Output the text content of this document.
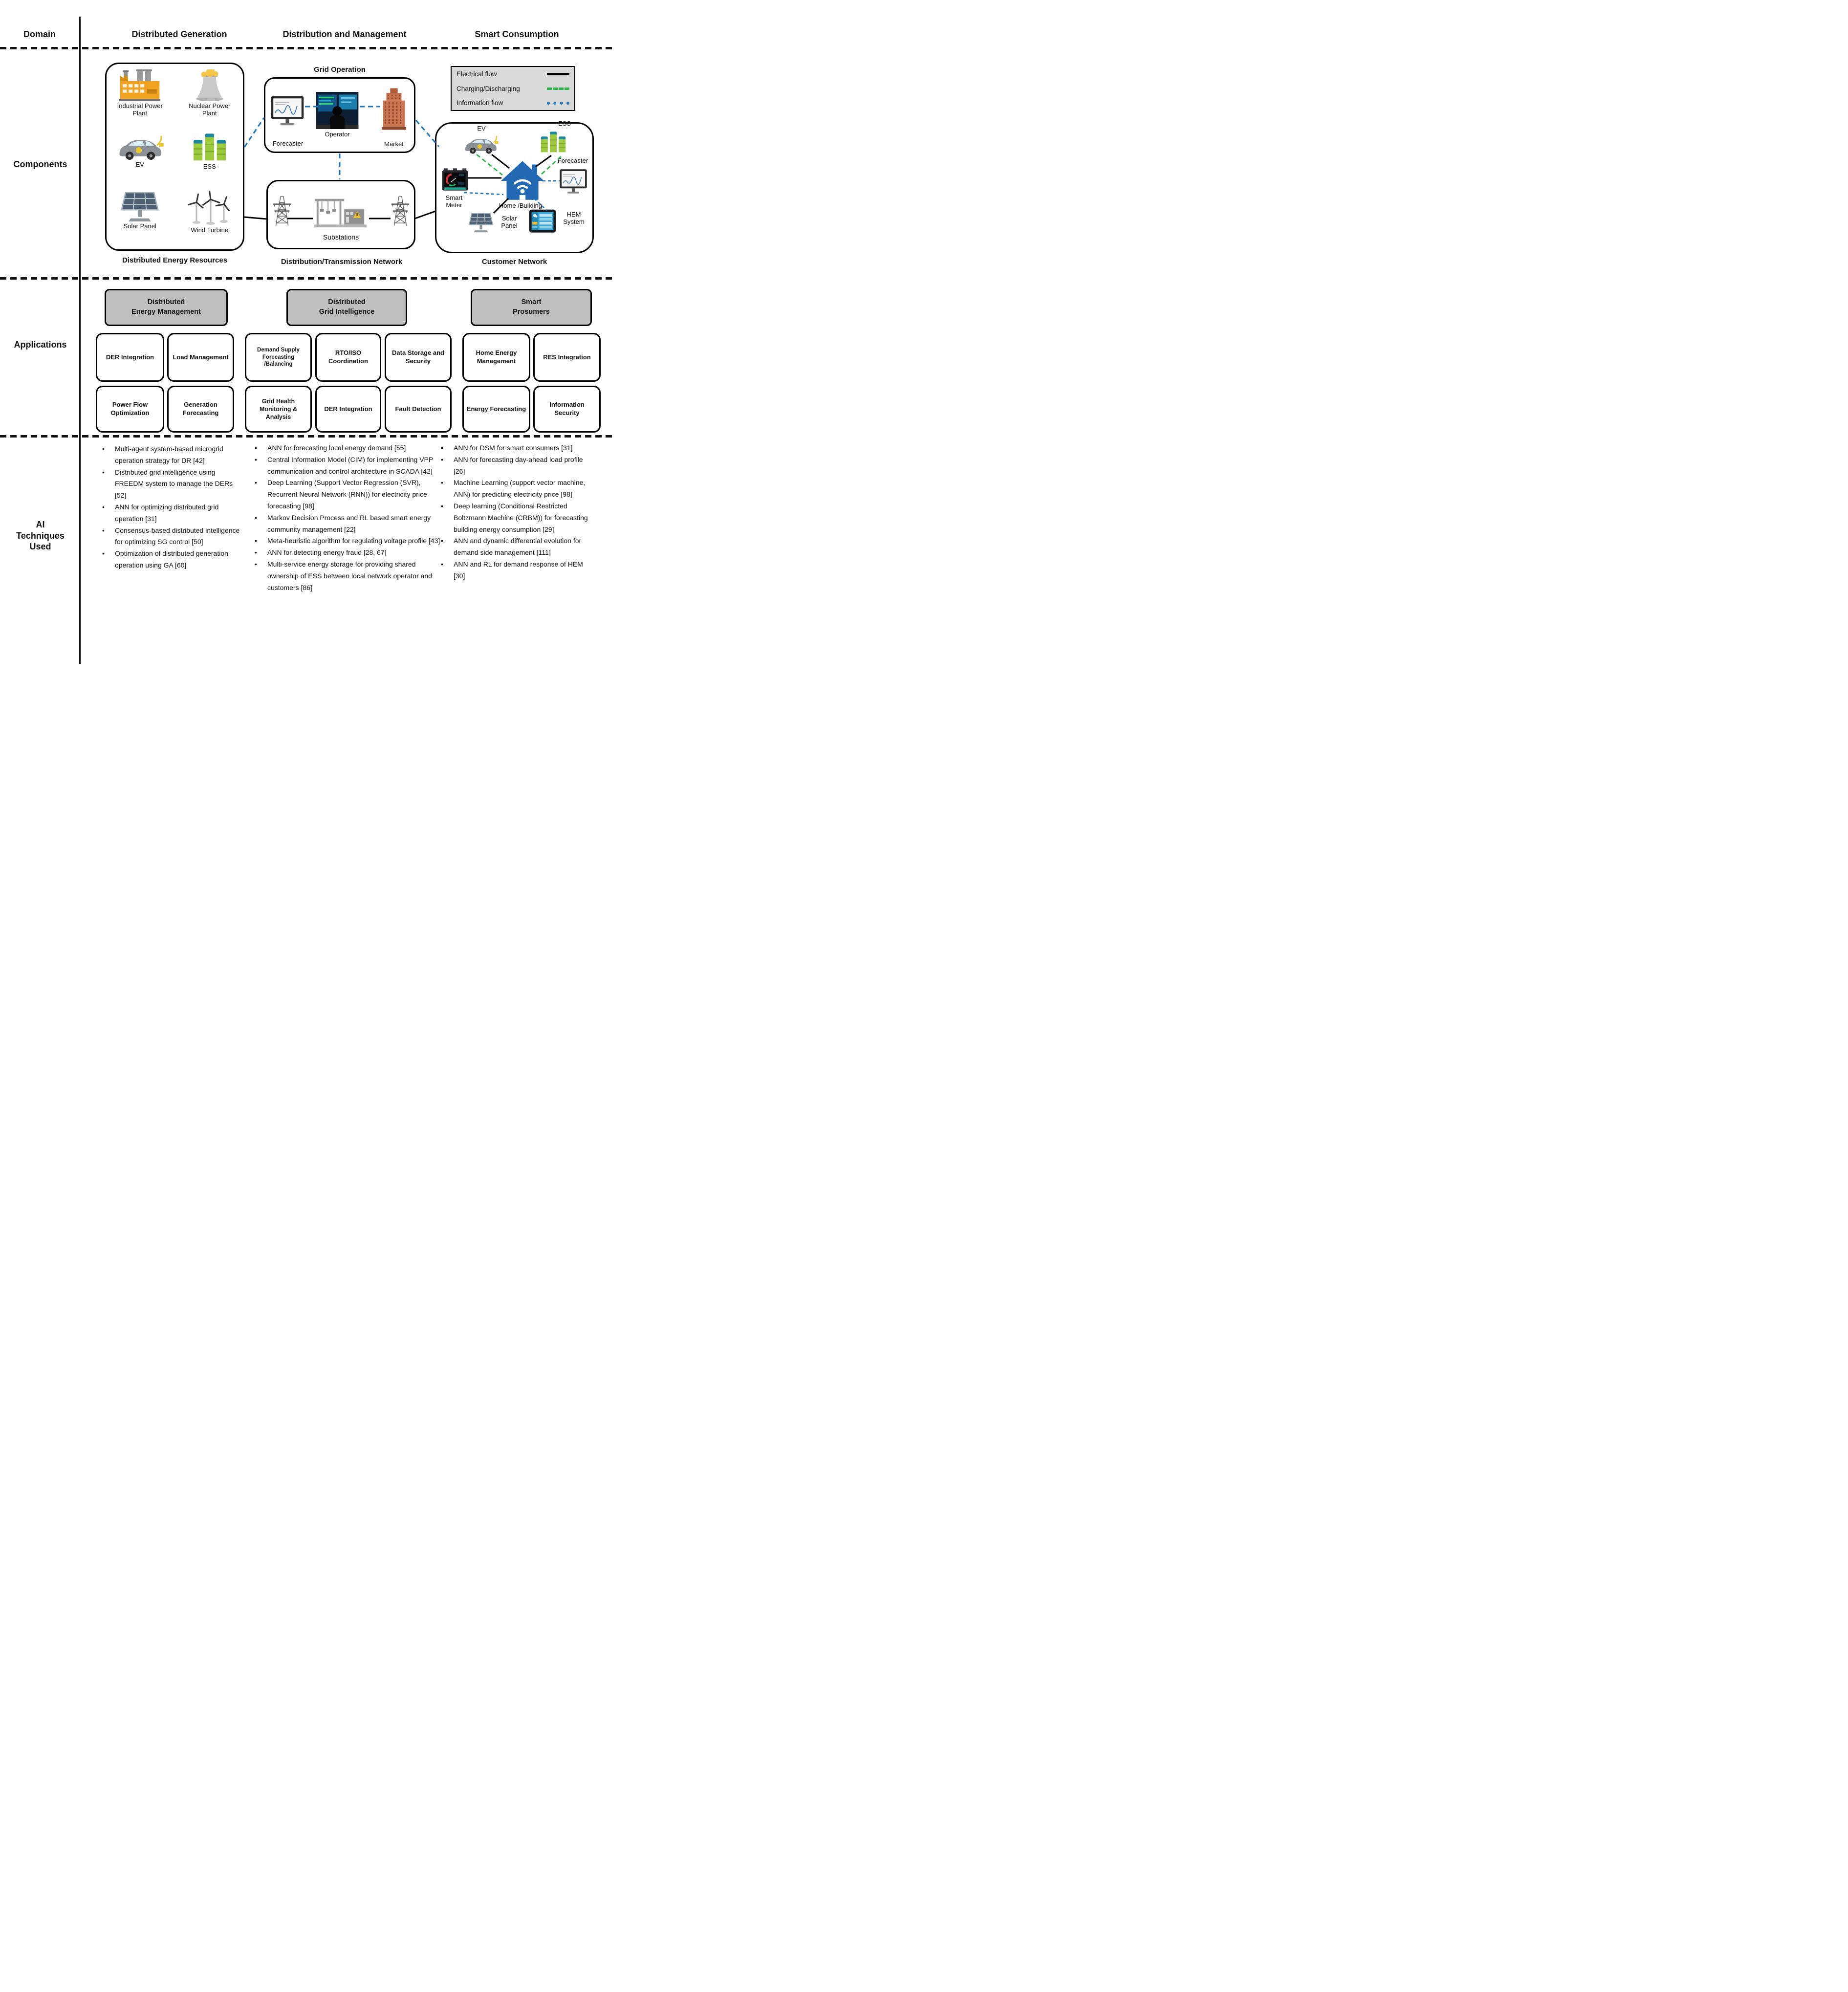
Domain	Distributed Generation	Distribution and Management	Smart Consumption
Components
Applications
AI
Techniques
Used
Electrical flow
Charging/Discharging
Information flow
Industrial Power Plant
Nuclear Power Plant
EV	ESS
Solar Panel
Wind Turbine
Distributed Energy Resources
Grid Operation
Forecaster
Operator
Market
Substations
Distribution/Transmission Network
EV
ESS
Forecaster
Smart Meter	Home /Building
Solar Panel
HEM System
Customer Network
Distributed
Energy Management
Distributed
Grid Intelligence
Smart
Prosumers
DER Integration	Load Management
Power Flow Optimization
Generation Forecasting
Demand Supply Forecasting /Balancing
RTO/ISO Coordination
Data Storage and Security
Grid Health Monitoring & Analysis
DER Integration	Fault Detection
Home Energy Management
RES Integration
Energy Forecasting
Information Security
• Multi-agent system-based microgrid operation strategy for DR [42]
• Distributed grid intelligence using FREEDM system to manage the DERs [52]
• ANN for optimizing distributed grid operation [31]
• Consensus-based distributed intelligence for optimizing SG control [50]
• Optimization of distributed generation operation using GA [60]
• ANN for forecasting local energy demand [55]
• Central Information Model (CIM) for implementing VPP communication and control architecture in SCADA [42]
• Deep Learning (Support Vector Regression (SVR), Recurrent Neural Network (RNN)) for electricity price forecasting [98]
• Markov Decision Process and RL based smart energy community management [22]
• Meta-heuristic algorithm for regulating voltage profile [43]
• ANN for detecting energy fraud [28, 67]
• Multi-service energy storage for providing shared ownership of ESS between local network operator and customers [86]
• ANN for DSM for smart consumers [31]
• ANN for forecasting day-ahead load profile [26]
• Machine Learning (support vector machine, ANN) for predicting electricity price [98]
• Deep learning (Conditional Restricted Boltzmann Machine (CRBM)) for forecasting building energy consumption [29]
• ANN and dynamic differential evolution for demand side management [111]
• ANN and RL for demand response of HEM [30]
